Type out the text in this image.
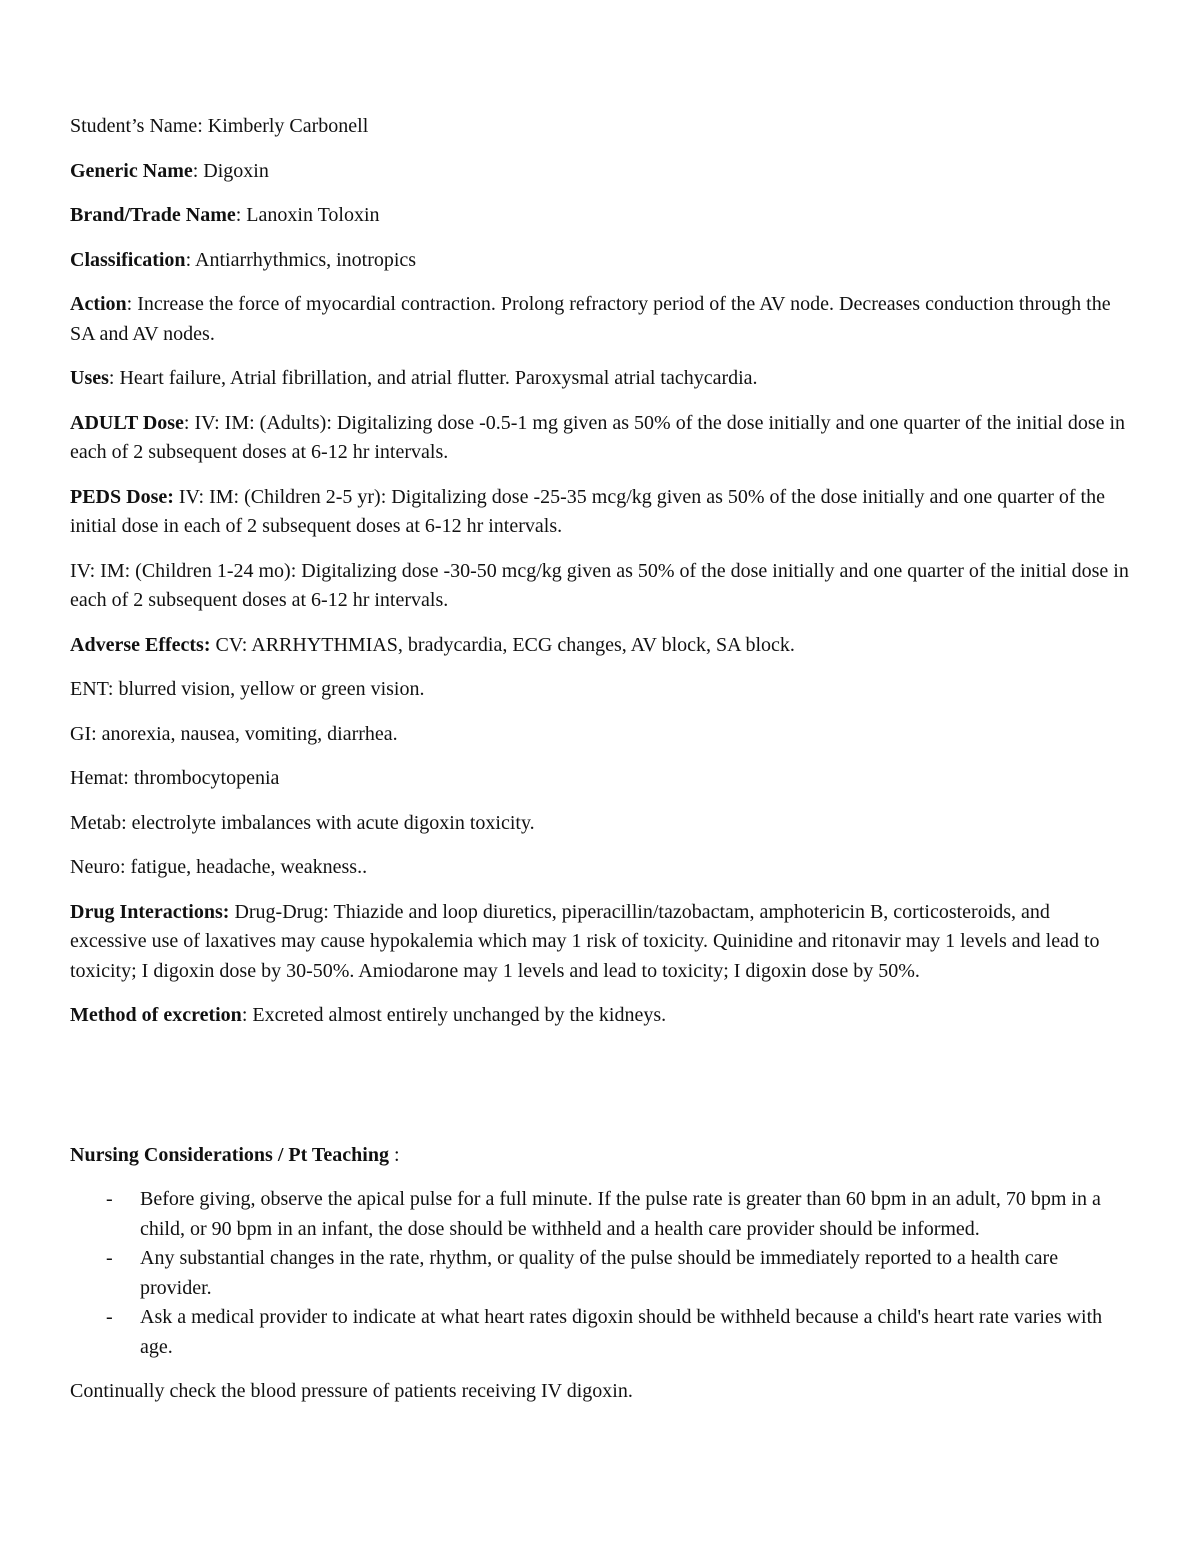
Student’s Name: Kimberly Carbonell

Generic Name: Digoxin

Brand/Trade Name: Lanoxin Toloxin

Classification: Antiarrhythmics, inotropics

Action: Increase the force of myocardial contraction. Prolong refractory period of the AV node. Decreases conduction through the SA and AV nodes.

Uses: Heart failure, Atrial fibrillation, and atrial flutter. Paroxysmal atrial tachycardia.

ADULT Dose: IV: IM: (Adults): Digitalizing dose -0.5-1 mg given as 50% of the dose initially and one quarter of the initial dose in each of 2 subsequent doses at 6-12 hr intervals.

PEDS Dose: IV: IM: (Children 2-5 yr): Digitalizing dose -25-35 mcg/kg given as 50% of the dose initially and one quarter of the initial dose in each of 2 subsequent doses at 6-12 hr intervals.

IV: IM: (Children 1-24 mo): Digitalizing dose -30-50 mcg/kg given as 50% of the dose initially and one quarter of the initial dose in each of 2 subsequent doses at 6-12 hr intervals.

Adverse Effects: CV: ARRHYTHMIAS, bradycardia, ECG changes, AV block, SA block.

ENT: blurred vision, yellow or green vision.

GI: anorexia, nausea, vomiting, diarrhea.

Hemat: thrombocytopenia

Metab: electrolyte imbalances with acute digoxin toxicity.

Neuro: fatigue, headache, weakness..

Drug Interactions: Drug-Drug: Thiazide and loop diuretics, piperacillin/tazobactam, amphotericin B, corticosteroids, and excessive use of laxatives may cause hypokalemia which may 1 risk of toxicity. Quinidine and ritonavir may 1 levels and lead to toxicity; I digoxin dose by 30-50%. Amiodarone may 1 levels and lead to toxicity; I digoxin dose by 50%.

Method of excretion: Excreted almost entirely unchanged by the kidneys.

Nursing Considerations / Pt Teaching :

- Before giving, observe the apical pulse for a full minute. If the pulse rate is greater than 60 bpm in an adult, 70 bpm in a child, or 90 bpm in an infant, the dose should be withheld and a health care provider should be informed.
- Any substantial changes in the rate, rhythm, or quality of the pulse should be immediately reported to a health care provider.
- Ask a medical provider to indicate at what heart rates digoxin should be withheld because a child's heart rate varies with age.

Continually check the blood pressure of patients receiving IV digoxin.
